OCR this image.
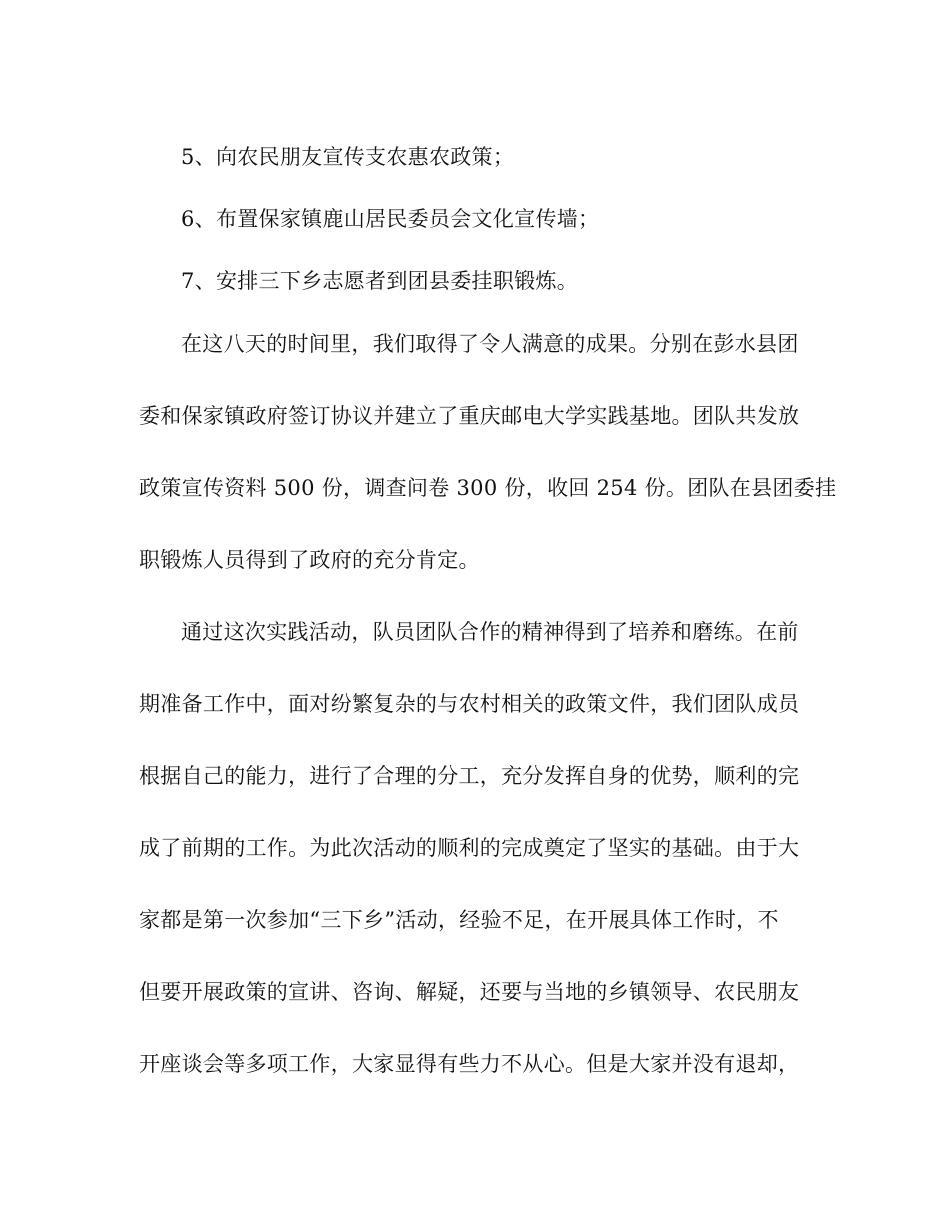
5、向农民朋友宣传支农惠农政策；
6、布置保家镇鹿山居民委员会文化宣传墙；
7、安排三下乡志愿者到团县委挂职锻炼。
在这八天的时间里，我们取得了令人满意的成果。分别在彭水县团
委和保家镇政府签订协议并建立了重庆邮电大学实践基地。团队共发放
政策宣传资料 500 份，调查问卷 300 份，收回 254 份。团队在县团委挂
职锻炼人员得到了政府的充分肯定。
通过这次实践活动，队员团队合作的精神得到了培养和磨练。在前
期准备工作中，面对纷繁复杂的与农村相关的政策文件，我们团队成员
根据自己的能力，进行了合理的分工，充分发挥自身的优势，顺利的完
成了前期的工作。为此次活动的顺利的完成奠定了坚实的基础。由于大
家都是第一次参加“三下乡”活动，经验不足，在开展具体工作时，不
但要开展政策的宣讲、咨询、解疑，还要与当地的乡镇领导、农民朋友
开座谈会等多项工作，大家显得有些力不从心。但是大家并没有退却，
